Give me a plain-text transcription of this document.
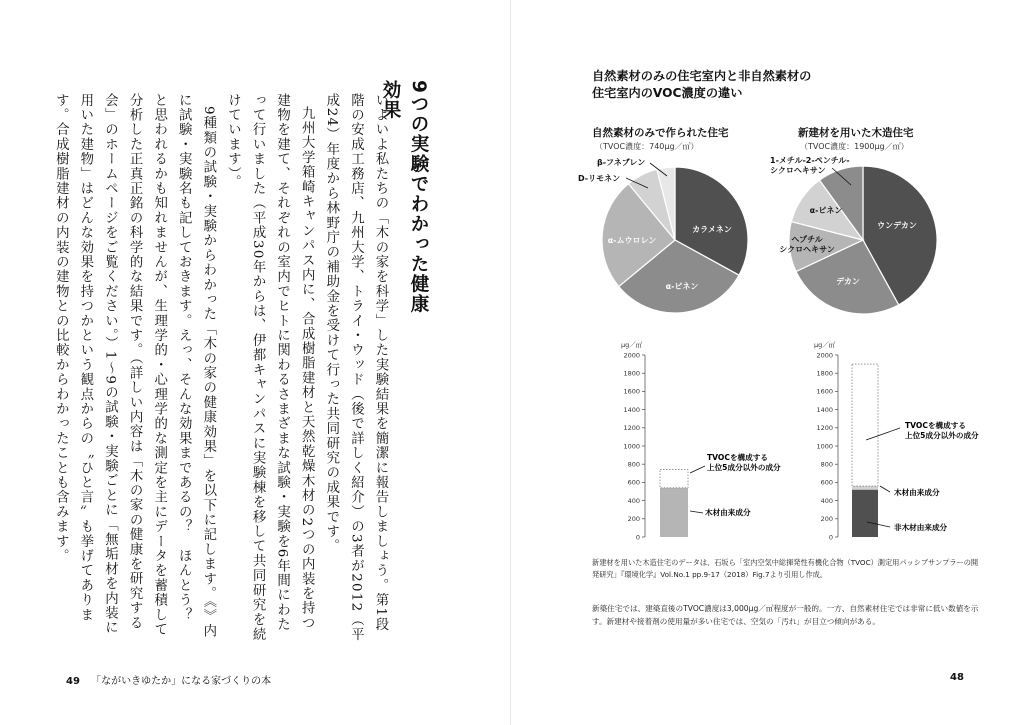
9つの実験でわかった健康効果

いよいよ私たちの「木の家を科学」した実験結果を簡潔に報告しましょう。第1段階の安成工務店、九州大学、トライ・ウッド（後で詳しく紹介）の3者が2012（平成24）年度から林野庁の補助金を受けて行った共同研究の成果です。

九州大学箱崎キャンパス内に、合成樹脂建材と天然乾燥木材の2つの内装を持つ建物を建て、それぞれの室内でヒトに関わるさまざまな試験・実験を6年間にわたって行いました（平成30年からは、伊都キャンパスに実験棟を移して共同研究を続けています）。

9種類の試験・実験からわかった「木の家の健康効果」を以下に記します。《》内に試験・実験名も記しておきます。えっ、そんな効果まであるの？　ほんとう？　と思われるかも知れませんが、生理学的・心理学的な測定を主にデータを蓄積して分析した正真正銘の科学的な結果です。（詳しい内容は「木の家の健康を研究する会」のホームページをご覧ください。）1〜9の試験・実験ごとに「無垢材を内装に用いた建物」はどんな効果を持つかという観点からの〝ひと言〟も挙げてあります。合成樹脂建材の内装の建物との比較からわかったことも含みます。

49 「ながいきゆたか」になる家づくりの本
自然素材のみの住宅室内と非自然素材の
住宅室内のVOC濃度の違い
自然素材のみで作られた住宅
（TVOC濃度：740μg／㎥）
新建材を用いた木造住宅
（TVOC濃度：1900μg／㎥）
カラメネン
α-ピネン
α-ムウロレン
D-リモネン
β-フネブレン
ウンデカン
デカン
ヘプチル
シクロヘキサン
α-ピネン
1-メチル-2-ペンチル-
シクロヘキサン
μg／㎥
0
200
400
600
800
1000
1200
1400
1600
1800
2000
木材由来成分
TVOCを構成する
上位5成分以外の成分
μg／㎥
0
200
400
600
800
1000
1200
1400
1600
1800
2000
非木材由来成分
木材由来成分
TVOCを構成する
上位5成分以外の成分
新建材を用いた木造住宅のデータは、石坂ら「室内空気中総揮発性有機化合物（TVOC）測定用パッシブサンプラーの開発研究」『環境化学』Vol.No.1 pp.9-17（2018）Fig.7より引用し作成。
新築住宅では、建築直後のTVOC濃度は3,000μg／㎥程度が一般的。一方、自然素材住宅では非常に低い数値を示す。新建材や接着剤の使用量が多い住宅では、空気の「汚れ」が目立つ傾向がある。
48
